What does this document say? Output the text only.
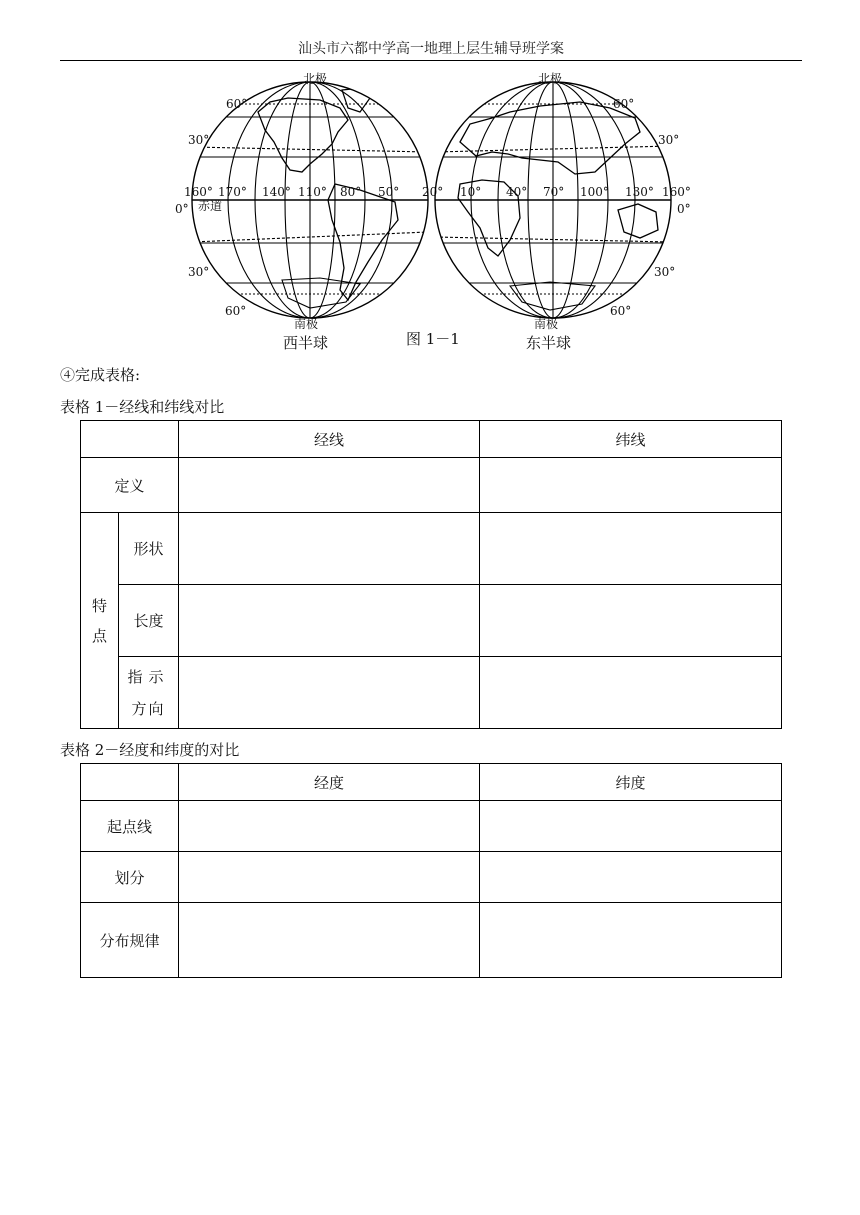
汕头市六都中学高一地理上层生辅导班学案
北极
南极
赤道
西半球
60°
30°
0°
30°
60°
160° 170° 140° 110° 80° 50° 20°
图 1－1
北极
南极
东半球
60°
30°
0°
30°
60°
10° 40° 70° 100° 130° 160°
④完成表格:
表格 1－经线和纬线对比
		经线	纬线
定义			
特点	形状		
	长度		

	指示
方向		

表格 2－经度和纬度的对比
	经度	纬度
起点线		
划分		
分布规律		
